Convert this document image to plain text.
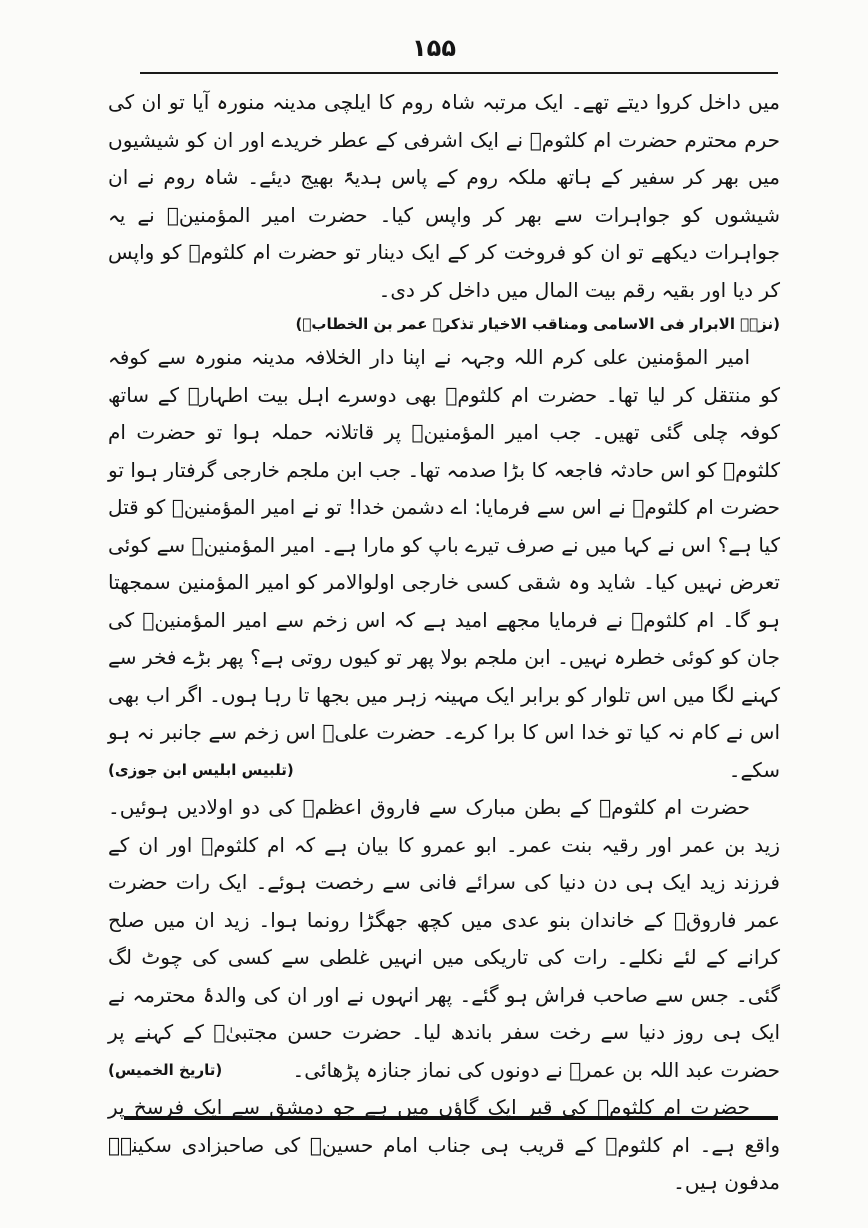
١۵۵

میں داخل کروا دیتے تھے۔ ایک مرتبہ شاہ روم کا ایلچی مدینہ منورہ آیا تو ان کی حرم محترم حضرت ام کلثومؓ نے ایک اشرفی کے عطر خریدے اور ان کو شیشیوں میں بھر کر سفیر کے ہاتھ ملکہ روم کے پاس ہدیۃً بھیج دیئے۔ شاہ روم نے ان شیشوں کو جواہرات سے بھر کر واپس کیا۔ حضرت امیر المؤمنینؓ نے یہ جواہرات دیکھے تو ان کو فروخت کر کے ایک دینار تو حضرت ام کلثومؓ کو واپس کر دیا اور بقیہ رقم بیت المال میں داخل کر دی۔

(نزہۃ الابرار فی الاسامی ومناقب الاخیار تذکرۂ عمر بن الخطابؓ)

امیر المؤمنین علی کرم اللہ وجہہ نے اپنا دار الخلافہ مدینہ منورہ سے کوفہ کو منتقل کر لیا تھا۔ حضرت ام کلثومؓ بھی دوسرے اہل بیت اطہارؓ کے ساتھ کوفہ چلی گئی تھیں۔ جب امیر المؤمنینؓ پر قاتلانہ حملہ ہوا تو حضرت ام کلثومؓ کو اس حادثہ فاجعہ کا بڑا صدمہ تھا۔ جب ابن ملجم خارجی گرفتار ہوا تو حضرت ام کلثومؓ نے اس سے فرمایا: اے دشمن خدا! تو نے امیر المؤمنینؓ کو قتل کیا ہے؟ اس نے کہا میں نے صرف تیرے باپ کو مارا ہے۔ امیر المؤمنینؓ سے کوئی تعرض نہیں کیا۔ شاید وہ شقی کسی خارجی اولوالامر کو امیر المؤمنین سمجھتا ہو گا۔ ام کلثومؓ نے فرمایا مجھے امید ہے کہ اس زخم سے امیر المؤمنینؓ کی جان کو کوئی خطرہ نہیں۔ ابن ملجم بولا پھر تو کیوں روتی ہے؟ پھر بڑے فخر سے کہنے لگا میں اس تلوار کو برابر ایک مہینہ زہر میں بجھا تا رہا ہوں۔ اگر اب بھی اس نے کام نہ کیا تو خدا اس کا برا کرے۔ حضرت علیؓ اس زخم سے جانبر نہ ہو سکے۔
(تلبیس ابلیس ابن جوزی)

حضرت ام کلثومؓ کے بطن مبارک سے فاروق اعظمؓ کی دو اولادیں ہوئیں۔ زید بن عمر اور رقیہ بنت عمر۔ ابو عمرو کا بیان ہے کہ ام کلثومؓ اور ان کے فرزند زید ایک ہی دن دنیا کی سرائے فانی سے رخصت ہوئے۔ ایک رات حضرت عمر فاروقؓ کے خاندان بنو عدی میں کچھ جھگڑا رونما ہوا۔ زید ان میں صلح کرانے کے لئے نکلے۔ رات کی تاریکی میں انہیں غلطی سے کسی کی چوٹ لگ گئی۔ جس سے صاحب فراش ہو گئے۔ پھر انہوں نے اور ان کی والدۂ محترمہ نے ایک ہی روز دنیا سے رخت سفر باندھ لیا۔ حضرت حسن مجتبیٰؓ کے کہنے پر حضرت عبد اللہ بن عمرؓ نے دونوں کی نماز جنازہ پڑھائی۔
(تاریخ الخمیس)

حضرت ام کلثومؓ کی قبر ایک گاؤں میں ہے جو دمشق سے ایک فرسخ پر واقع ہے۔ ام کلثومؓ کے قریب ہی جناب امام حسینؓ کی صاحبزادی سکینہؓ مدفون ہیں۔
